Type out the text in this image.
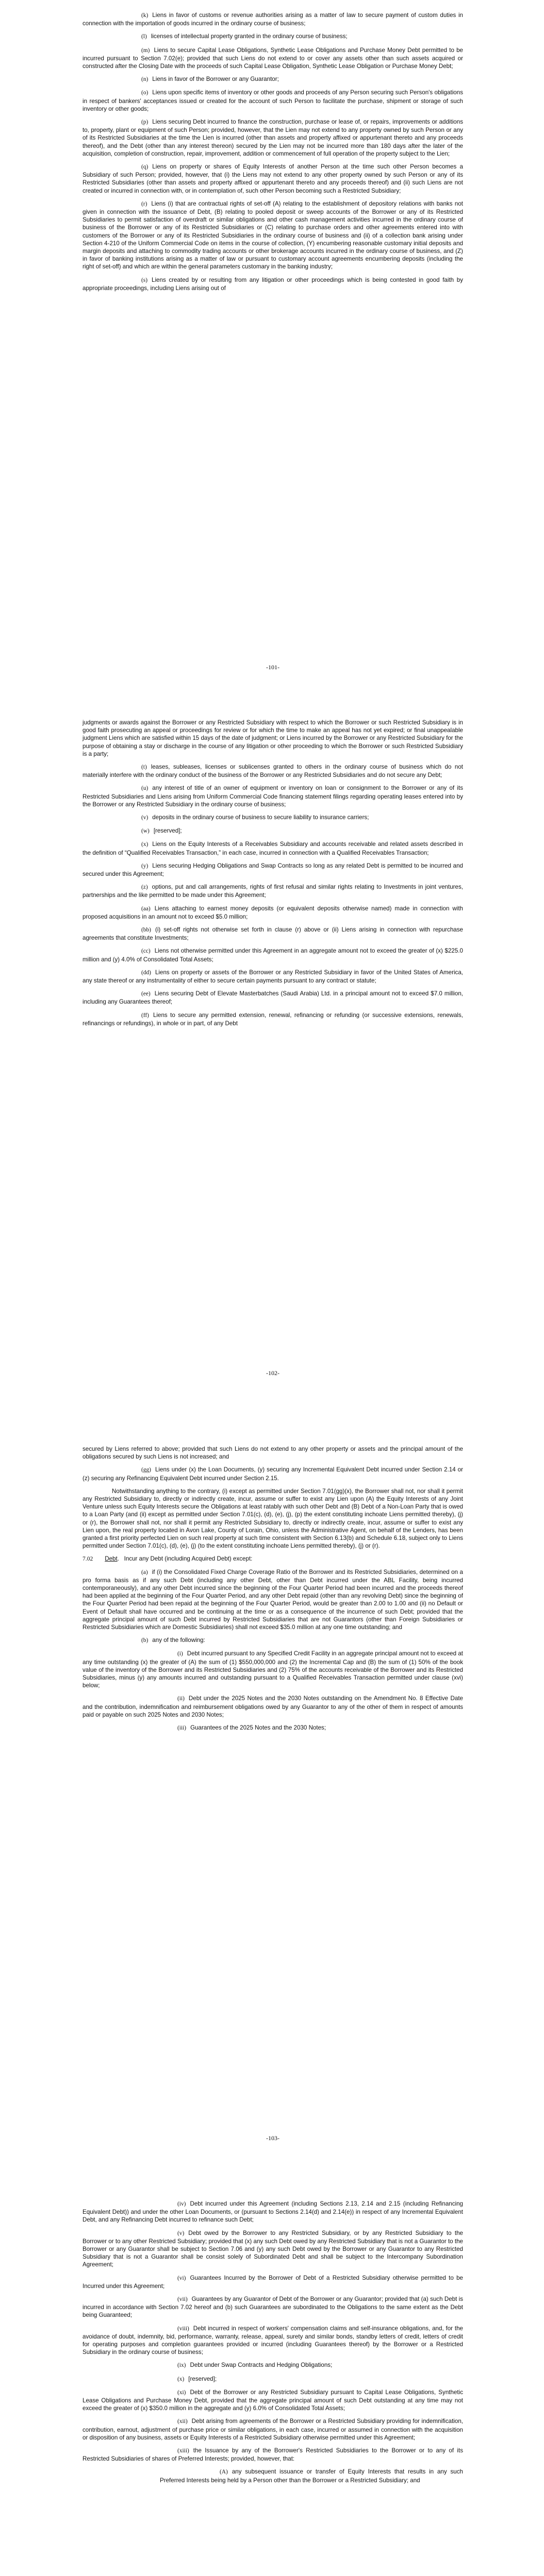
(k) Liens in favor of customs or revenue authorities arising as a matter of law to secure payment of custom duties in connection with the importation of goods incurred in the ordinary course of business;

(l) licenses of intellectual property granted in the ordinary course of business;

(m) Liens to secure Capital Lease Obligations, Synthetic Lease Obligations and Purchase Money Debt permitted to be incurred pursuant to Section 7.02(e); provided that such Liens do not extend to or cover any assets other than such assets acquired or constructed after the Closing Date with the proceeds of such Capital Lease Obligation, Synthetic Lease Obligation or Purchase Money Debt;

(n) Liens in favor of the Borrower or any Guarantor;

(o) Liens upon specific items of inventory or other goods and proceeds of any Person securing such Person's obligations in respect of bankers' acceptances issued or created for the account of such Person to facilitate the purchase, shipment or storage of such inventory or other goods;

(p) Liens securing Debt incurred to finance the construction, purchase or lease of, or repairs, improvements or additions to, property, plant or equipment of such Person; provided, however, that the Lien may not extend to any property owned by such Person or any of its Restricted Subsidiaries at the time the Lien is incurred (other than assets and property affixed or appurtenant thereto and any proceeds thereof), and the Debt (other than any interest thereon) secured by the Lien may not be incurred more than 180 days after the later of the acquisition, completion of construction, repair, improvement, addition or commencement of full operation of the property subject to the Lien;

(q) Liens on property or shares of Equity Interests of another Person at the time such other Person becomes a Subsidiary of such Person; provided, however, that (i) the Liens may not extend to any other property owned by such Person or any of its Restricted Subsidiaries (other than assets and property affixed or appurtenant thereto and any proceeds thereof) and (ii) such Liens are not created or incurred in connection with, or in contemplation of, such other Person becoming such a Restricted Subsidiary;

(r) Liens (i) that are contractual rights of set-off (A) relating to the establishment of depository relations with banks not given in connection with the issuance of Debt, (B) relating to pooled deposit or sweep accounts of the Borrower or any of its Restricted Subsidiaries to permit satisfaction of overdraft or similar obligations and other cash management activities incurred in the ordinary course of business of the Borrower or any of its Restricted Subsidiaries or (C) relating to purchase orders and other agreements entered into with customers of the Borrower or any of its Restricted Subsidiaries in the ordinary course of business and (ii) of a collection bank arising under Section 4-210 of the Uniform Commercial Code on items in the course of collection, (Y) encumbering reasonable customary initial deposits and margin deposits and attaching to commodity trading accounts or other brokerage accounts incurred in the ordinary course of business, and (Z) in favor of banking institutions arising as a matter of law or pursuant to customary account agreements encumbering deposits (including the right of set-off) and which are within the general parameters customary in the banking industry;

(s) Liens created by or resulting from any litigation or other proceedings which is being contested in good faith by appropriate proceedings, including Liens arising out of

-101-

judgments or awards against the Borrower or any Restricted Subsidiary with respect to which the Borrower or such Restricted Subsidiary is in good faith prosecuting an appeal or proceedings for review or for which the time to make an appeal has not yet expired; or final unappealable judgment Liens which are satisfied within 15 days of the date of judgment; or Liens incurred by the Borrower or any Restricted Subsidiary for the purpose of obtaining a stay or discharge in the course of any litigation or other proceeding to which the Borrower or such Restricted Subsidiary is a party;

(t) leases, subleases, licenses or sublicenses granted to others in the ordinary course of business which do not materially interfere with the ordinary conduct of the business of the Borrower or any Restricted Subsidiaries and do not secure any Debt;

(u) any interest of title of an owner of equipment or inventory on loan or consignment to the Borrower or any of its Restricted Subsidiaries and Liens arising from Uniform Commercial Code financing statement filings regarding operating leases entered into by the Borrower or any Restricted Subsidiary in the ordinary course of business;

(v) deposits in the ordinary course of business to secure liability to insurance carriers;

(w) [reserved];

(x) Liens on the Equity Interests of a Receivables Subsidiary and accounts receivable and related assets described in the definition of “Qualified Receivables Transaction,” in each case, incurred in connection with a Qualified Receivables Transaction;

(y) Liens securing Hedging Obligations and Swap Contracts so long as any related Debt is permitted to be incurred and secured under this Agreement;

(z) options, put and call arrangements, rights of first refusal and similar rights relating to Investments in joint ventures, partnerships and the like permitted to be made under this Agreement;

(aa) Liens attaching to earnest money deposits (or equivalent deposits otherwise named) made in connection with proposed acquisitions in an amount not to exceed $5.0 million;

(bb) (i) set-off rights not otherwise set forth in clause (r) above or (ii) Liens arising in connection with repurchase agreements that constitute Investments;

(cc) Liens not otherwise permitted under this Agreement in an aggregate amount not to exceed the greater of (x) $225.0 million and (y) 4.0% of Consolidated Total Assets;

(dd) Liens on property or assets of the Borrower or any Restricted Subsidiary in favor of the United States of America, any state thereof or any instrumentality of either to secure certain payments pursuant to any contract or statute;

(ee) Liens securing Debt of Elevate Masterbatches (Saudi Arabia) Ltd. in a principal amount not to exceed $7.0 million, including any Guarantees thereof;

(ff) Liens to secure any permitted extension, renewal, refinancing or refunding (or successive extensions, renewals, refinancings or refundings), in whole or in part, of any Debt

-102-

secured by Liens referred to above; provided that such Liens do not extend to any other property or assets and the principal amount of the obligations secured by such Liens is not increased; and

(gg) Liens under (x) the Loan Documents, (y) securing any Incremental Equivalent Debt incurred under Section 2.14 or (z) securing any Refinancing Equivalent Debt incurred under Section 2.15.

Notwithstanding anything to the contrary, (i) except as permitted under Section 7.01(gg)(x), the Borrower shall not, nor shall it permit any Restricted Subsidiary to, directly or indirectly create, incur, assume or suffer to exist any Lien upon (A) the Equity Interests of any Joint Venture unless such Equity Interests secure the Obligations at least ratably with such other Debt and (B) Debt of a Non-Loan Party that is owed to a Loan Party (and (ii) except as permitted under Section 7.01(c), (d), (e), (j), (p) the extent constituting inchoate Liens permitted thereby), (j) or (r), the Borrower shall not, nor shall it permit any Restricted Subsidiary to, directly or indirectly create, incur, assume or suffer to exist any Lien upon, the real property located in Avon Lake, County of Lorain, Ohio, unless the Administrative Agent, on behalf of the Lenders, has been granted a first priority perfected Lien on such real property at such time consistent with Section 6.13(b) and Schedule 6.18, subject only to Liens permitted under Section 7.01(c), (d), (e), (j) (to the extent constituting inchoate Liens permitted thereby), (j) or (r).

7.02 Debt.   Incur any Debt (including Acquired Debt) except:

(a) if (i) the Consolidated Fixed Charge Coverage Ratio of the Borrower and its Restricted Subsidiaries, determined on a pro forma basis as if any such Debt (including any other Debt, other than Debt incurred under the ABL Facility, being incurred contemporaneously), and any other Debt incurred since the beginning of the Four Quarter Period had been incurred and the proceeds thereof had been applied at the beginning of the Four Quarter Period, and any other Debt repaid (other than any revolving Debt) since the beginning of the Four Quarter Period had been repaid at the beginning of the Four Quarter Period, would be greater than 2.00 to 1.00 and (ii) no Default or Event of Default shall have occurred and be continuing at the time or as a consequence of the incurrence of such Debt; provided that the aggregate principal amount of such Debt incurred by Restricted Subsidiaries that are not Guarantors (other than Foreign Subsidiaries or Restricted Subsidiaries which are Domestic Subsidiaries) shall not exceed $35.0 million at any one time outstanding; and

(b) any of the following:

(i) Debt incurred pursuant to any Specified Credit Facility in an aggregate principal amount not to exceed at any time outstanding (x) the greater of (A) the sum of (1) $550,000,000 and (2) the Incremental Cap and (B) the sum of (1) 50% of the book value of the inventory of the Borrower and its Restricted Subsidiaries and (2) 75% of the accounts receivable of the Borrower and its Restricted Subsidiaries, minus (y) any amounts incurred and outstanding pursuant to a Qualified Receivables Transaction permitted under clause (xvi) below;

(ii) Debt under the 2025 Notes and the 2030 Notes outstanding on the Amendment No. 8 Effective Date and the contribution, indemnification and reimbursement obligations owed by any Guarantor to any of the other of them in respect of amounts paid or payable on such 2025 Notes and 2030 Notes;

(iii) Guarantees of the 2025 Notes and the 2030 Notes;

-103-

(iv) Debt incurred under this Agreement (including Sections 2.13, 2.14 and 2.15 (including Refinancing Equivalent Debt)) and under the other Loan Documents, or (pursuant to Sections 2.14(d) and 2.14(e)) in respect of any Incremental Equivalent Debt, and any Refinancing Debt incurred to refinance such Debt;

(v) Debt owed by the Borrower to any Restricted Subsidiary, or by any Restricted Subsidiary to the Borrower or to any other Restricted Subsidiary; provided that (x) any such Debt owed by any Restricted Subsidiary that is not a Guarantor to the Borrower or any Guarantor shall be subject to Section 7.06 and (y) any such Debt owed by the Borrower or any Guarantor to any Restricted Subsidiary that is not a Guarantor shall be consist solely of Subordinated Debt and shall be subject to the Intercompany Subordination Agreement;

(vi) Guarantees Incurred by the Borrower of Debt of a Restricted Subsidiary otherwise permitted to be Incurred under this Agreement;

(vii) Guarantees by any Guarantor of Debt of the Borrower or any Guarantor; provided that (a) such Debt is incurred in accordance with Section 7.02 hereof and (b) such Guarantees are subordinated to the Obligations to the same extent as the Debt being Guaranteed;

(viii) Debt incurred in respect of workers' compensation claims and self-insurance obligations, and, for the avoidance of doubt, indemnity, bid, performance, warranty, release, appeal, surety and similar bonds, standby letters of credit, letters of credit for operating purposes and completion guarantees provided or incurred (including Guarantees thereof) by the Borrower or a Restricted Subsidiary in the ordinary course of business;

(ix) Debt under Swap Contracts and Hedging Obligations;

(x) [reserved];

(xi) Debt of the Borrower or any Restricted Subsidiary pursuant to Capital Lease Obligations, Synthetic Lease Obligations and Purchase Money Debt, provided that the aggregate principal amount of such Debt outstanding at any time may not exceed the greater of (x) $350.0 million in the aggregate and (y) 6.0% of Consolidated Total Assets;

(xii) Debt arising from agreements of the Borrower or a Restricted Subsidiary providing for indemnification, contribution, earnout, adjustment of purchase price or similar obligations, in each case, incurred or assumed in connection with the acquisition or disposition of any business, assets or Equity Interests of a Restricted Subsidiary otherwise permitted under this Agreement;

(xiii) the Issuance by any of the Borrower's Restricted Subsidiaries to the Borrower or to any of its Restricted Subsidiaries of shares of Preferred Interests; provided, however, that:

(A) any subsequent issuance or transfer of Equity Interests that results in any such Preferred Interests being held by a Person other than the Borrower or a Restricted Subsidiary; and
